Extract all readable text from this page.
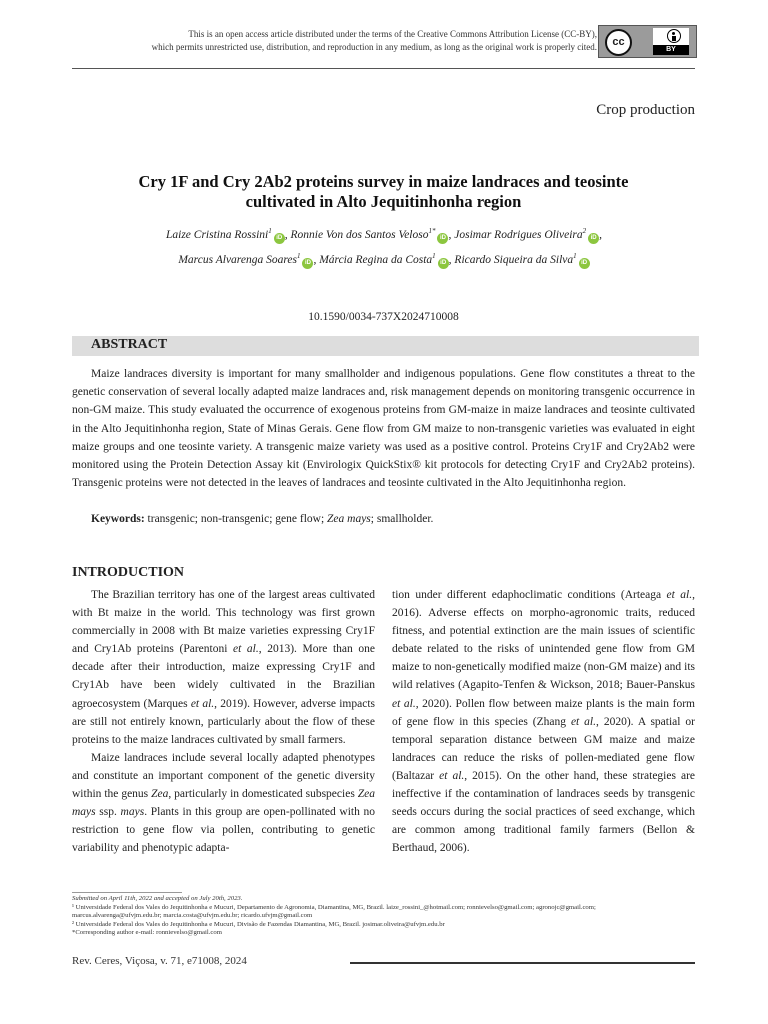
This is an open access article distributed under the terms of the Creative Commons Attribution License (CC-BY),
which permits unrestricted use, distribution, and reproduction in any medium, as long as the original work is properly cited.	cc
BY
Crop production
Cry 1F and Cry 2Ab2 proteins survey in maize landraces and teosinte
cultivated in Alto Jequitinhonha region
Laize Cristina Rossini$^1$iD , Ronnie Von dos Santos Veloso$^{1*}$iD , Josimar Rodrigues Oliveira$^2$iD ,
Marcus Alvarenga Soares$^1$iD , Márcia Regina da Costa$^1$iD , Ricardo Siqueira da Silva$^1$iD
10.1590/0034-737X2024710008
ABSTRACT

Maize landraces diversity is important for many smallholder and indigenous populations. Gene flow constitutes a threat to the genetic conservation of several locally adapted maize landraces and, risk management depends on monitoring transgenic occurrence in non-GM maize. This study evaluated the occurrence of exogenous proteins from GM-maize in maize landraces and teosinte cultivated in the Alto Jequitinhonha region, State of Minas Gerais. Gene flow from GM maize to non-transgenic varieties was evaluated in eight maize groups and one teosinte variety. A transgenic maize variety was used as a positive control. Proteins Cry1F and Cry2Ab2 were monitored using the Protein Detection Assay kit (Envirologix QuickStix® kit protocols for detecting Cry1F and Cry2Ab2 proteins). Transgenic proteins were not detected in the leaves of landraces and teosinte cultivated in the Alto Jequitinhonha region.

Keywords: transgenic; non-transgenic; gene flow; Zea mays; smallholder.
INTRODUCTION

The Brazilian territory has one of the largest areas cultivated with Bt maize in the world. This technology was first grown commercially in 2008 with Bt maize varieties expressing Cry1F and Cry1Ab proteins (Parentoni et al., 2013). More than one decade after their introduction, maize expressing Cry1F and Cry1Ab have been widely cultivated in the Brazilian agroecosystem (Marques et al., 2019). However, adverse impacts are still not entirely known, particularly about the flow of these proteins to the maize landraces cultivated by small farmers.

Maize landraces include several locally adapted phenotypes and constitute an important component of the genetic diversity within the genus Zea, particularly in domesticated subspecies Zea mays ssp. mays. Plants in this group are open-pollinated with no restriction to gene flow via pollen, contributing to genetic variability and phenotypic adapta-

tion under different edaphoclimatic conditions (Arteaga et al., 2016). Adverse effects on morpho-agronomic traits, reduced fitness, and potential extinction are the main issues of scientific debate related to the risks of unintended gene flow from GM maize to non-genetically modified maize (non-GM maize) and its wild relatives (Agapito-Tenfen & Wickson, 2018; Bauer-Panskus et al., 2020). Pollen flow between maize plants is the main form of gene flow in this species (Zhang et al., 2020). A spatial or temporal separation distance between GM maize and maize landraces can reduce the risks of pollen-mediated gene flow (Baltazar et al., 2015). On the other hand, these strategies are ineffective if the contamination of landraces seeds by transgenic seeds occurs during the social practices of seed exchange, which are common among traditional family farmers (Bellon & Berthaud, 2006).

Submitted on April 11th, 2022 and accepted on July 20th, 2023.
¹ Universidade Federal dos Vales do Jequitinhonha e Mucuri, Departamento de Agronomia, Diamantina, MG, Brazil. laize_rossini_@hotmail.com; ronnievelso@gmail.com; agronojc@gmail.com;
marcus.alvarenga@ufvjm.edu.br; marcia.costa@ufvjm.edu.br; ricardo.ufvjm@gmail.com
² Universidade Federal dos Vales do Jequitinhonha e Mucuri, Divisão de Fazendas Diamantina, MG, Brazil. josimar.oliveira@ufvjm.edu.br
*Corresponding author e-mail: ronnievelso@gmail.com
Rev. Ceres, Viçosa, v. 71, e71008, 2024
